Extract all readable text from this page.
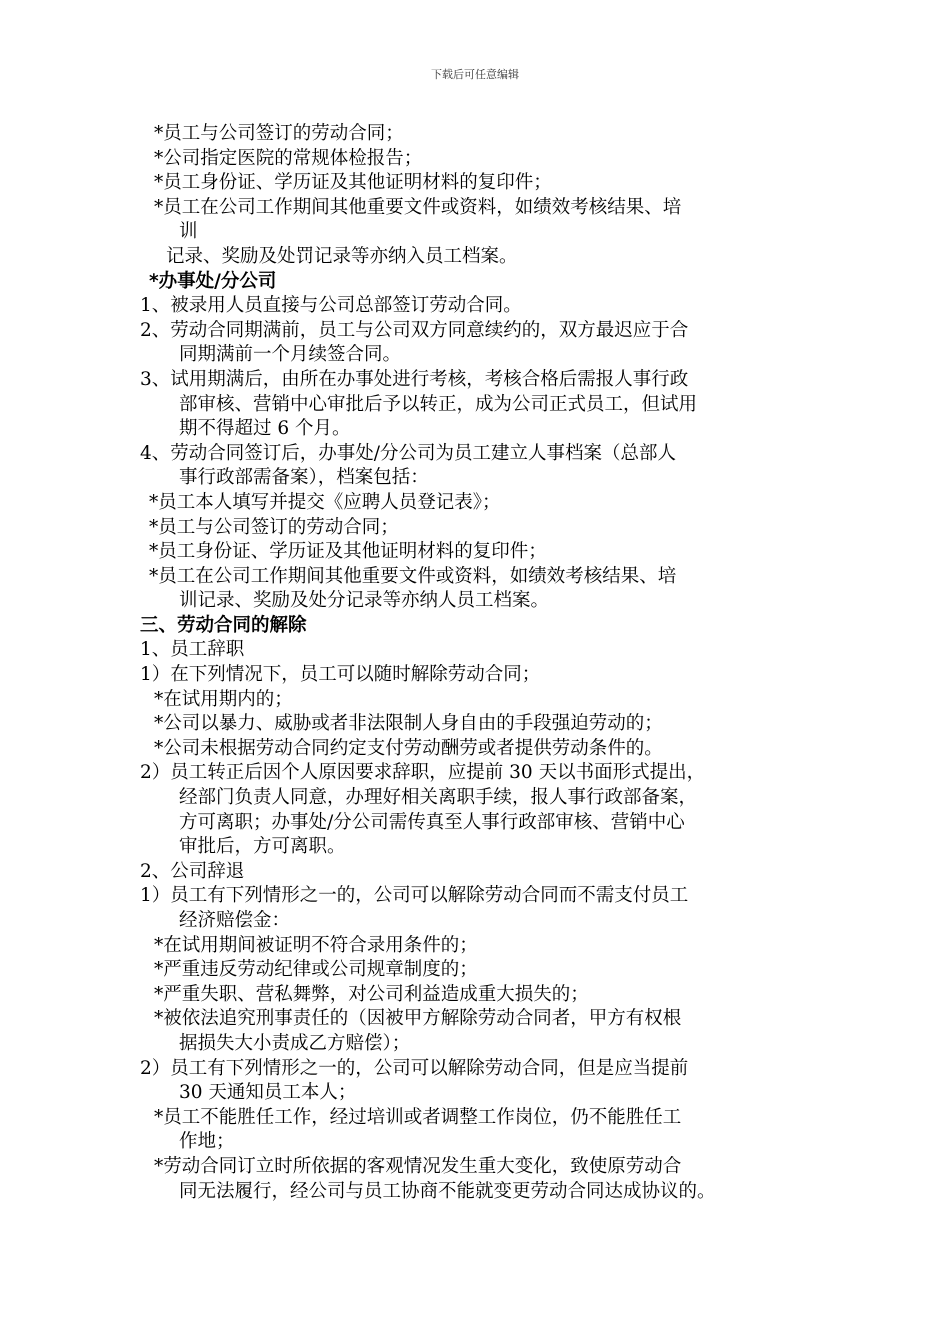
下载后可任意编辑

*员工与公司签订的劳动合同；

*公司指定医院的常规体检报告；

*员工身份证、学历证及其他证明材料的复印件；

*员工在公司工作期间其他重要文件或资料，如绩效考核结果、培

训

记录、奖励及处罚记录等亦纳入员工档案。

*办事处/分公司

1、被录用人员直接与公司总部签订劳动合同。

2、劳动合同期满前，员工与公司双方同意续约的，双方最迟应于合

同期满前一个月续签合同。

3、试用期满后，由所在办事处进行考核，考核合格后需报人事行政

部审核、营销中心审批后予以转正，成为公司正式员工，但试用

期不得超过 6 个月。

4、劳动合同签订后，办事处/分公司为员工建立人事档案（总部人

事行政部需备案），档案包括：

*员工本人填写并提交《应聘人员登记表》；

*员工与公司签订的劳动合同；

*员工身份证、学历证及其他证明材料的复印件；

*员工在公司工作期间其他重要文件或资料，如绩效考核结果、培

训记录、奖励及处分记录等亦纳人员工档案。

三、劳动合同的解除

1、员工辞职

1）在下列情况下，员工可以随时解除劳动合同；

*在试用期内的；

*公司以暴力、威胁或者非法限制人身自由的手段强迫劳动的；

*公司未根据劳动合同约定支付劳动酬劳或者提供劳动条件的。

2）员工转正后因个人原因要求辞职，应提前 30 天以书面形式提出，

经部门负责人同意，办理好相关离职手续，报人事行政部备案，

方可离职；办事处/分公司需传真至人事行政部审核、营销中心

审批后，方可离职。

2、公司辞退

1）员工有下列情形之一的，公司可以解除劳动合同而不需支付员工

经济赔偿金：

*在试用期间被证明不符合录用条件的；

*严重违反劳动纪律或公司规章制度的；

*严重失职、营私舞弊，对公司利益造成重大损失的；

*被依法追究刑事责任的（因被甲方解除劳动合同者，甲方有权根

据损失大小责成乙方赔偿）；

2）员工有下列情形之一的，公司可以解除劳动合同，但是应当提前

30 天通知员工本人；

*员工不能胜任工作，经过培训或者调整工作岗位，仍不能胜任工

作地；

*劳动合同订立时所依据的客观情况发生重大变化，致使原劳动合

同无法履行，经公司与员工协商不能就变更劳动合同达成协议的。
